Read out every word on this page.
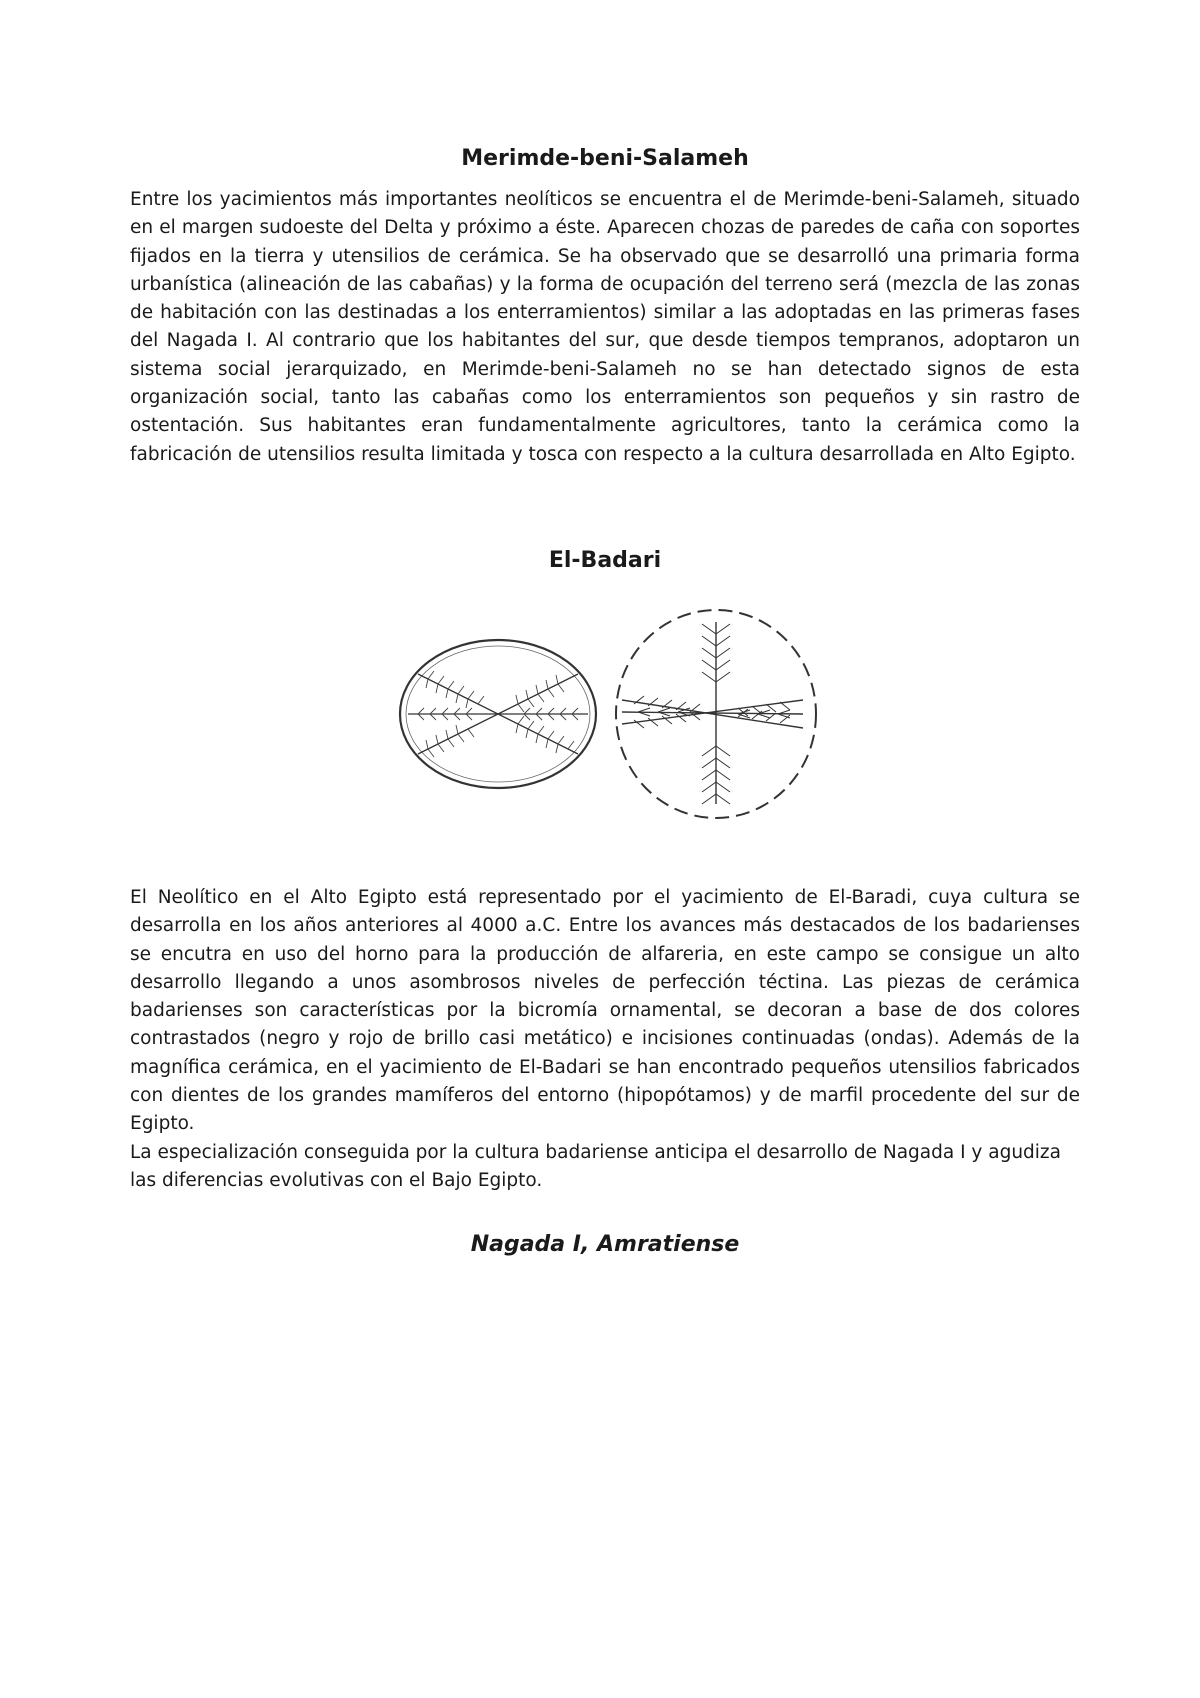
Merimde-beni-Salameh

Entre los yacimientos más importantes neolíticos se encuentra el de Merimde-beni-Salameh, situado en el margen sudoeste del Delta y próximo a éste. Aparecen chozas de paredes de caña con soportes fijados en la tierra y utensilios de cerámica. Se ha observado que se desarrolló una primaria forma urbanística (alineación de las cabañas) y la forma de ocupación del terreno será (mezcla de las zonas de habitación con las destinadas a los enterramientos) similar a las adoptadas en las primeras fases del Nagada I. Al contrario que los habitantes del sur, que desde tiempos tempranos, adoptaron un sistema social jerarquizado, en Merimde-beni-Salameh no se han detectado signos de esta organización social, tanto las cabañas como los enterramientos son pequeños y sin rastro de ostentación. Sus habitantes eran fundamentalmente agricultores, tanto la cerámica como la fabricación de utensilios resulta limitada y tosca con respecto a la cultura desarrollada en Alto Egipto.

El-Badari

El Neolítico en el Alto Egipto está representado por el yacimiento de El-Baradi, cuya cultura se desarrolla en los años anteriores al 4000 a.C. Entre los avances más destacados de los badarienses se encutra en uso del horno para la producción de alfareria, en este campo se consigue un alto desarrollo llegando a unos asombrosos niveles de perfección téctina. Las piezas de cerámica badarienses son características por la bicromía ornamental, se decoran a base de dos colores contrastados (negro y rojo de brillo casi metático) e incisiones continuadas (ondas). Además de la magnífica cerámica, en el yacimiento de El-Badari se han encontrado pequeños utensilios fabricados con dientes de los grandes mamíferos del entorno (hipopótamos) y de marfil procedente del sur de Egipto.

La especialización conseguida por la cultura badariense anticipa el desarrollo de Nagada I y agudiza las diferencias evolutivas con el Bajo Egipto.

Nagada I, Amratiense
